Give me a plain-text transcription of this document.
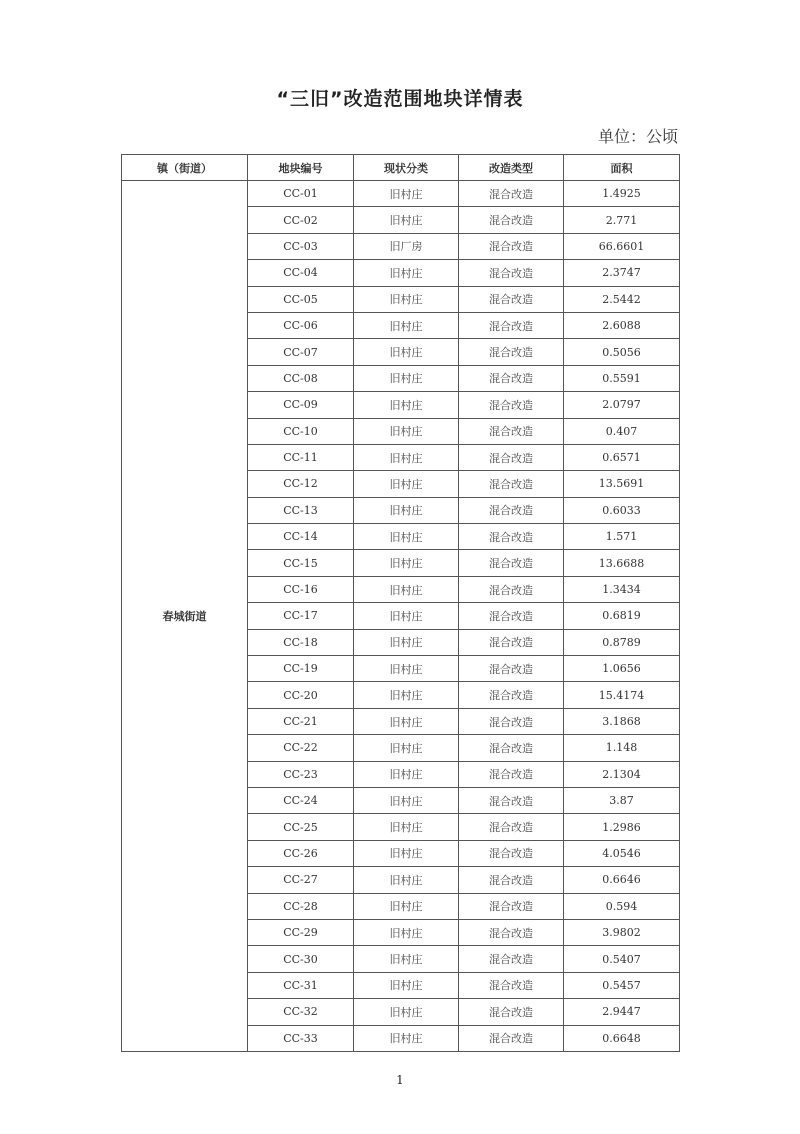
“三旧”改造范围地块详情表
单位：公顷
镇（街道）	地块编号	现状分类	改造类型	面积
春城街道	CC-01	旧村庄	混合改造	1.4925
	CC-02	旧村庄	混合改造	2.771
	CC-03	旧厂房	混合改造	66.6601
	CC-04	旧村庄	混合改造	2.3747
	CC-05	旧村庄	混合改造	2.5442
	CC-06	旧村庄	混合改造	2.6088
	CC-07	旧村庄	混合改造	0.5056
	CC-08	旧村庄	混合改造	0.5591
	CC-09	旧村庄	混合改造	2.0797
	CC-10	旧村庄	混合改造	0.407
	CC-11	旧村庄	混合改造	0.6571
	CC-12	旧村庄	混合改造	13.5691
	CC-13	旧村庄	混合改造	0.6033
	CC-14	旧村庄	混合改造	1.571
	CC-15	旧村庄	混合改造	13.6688
	CC-16	旧村庄	混合改造	1.3434
	CC-17	旧村庄	混合改造	0.6819
	CC-18	旧村庄	混合改造	0.8789
	CC-19	旧村庄	混合改造	1.0656
	CC-20	旧村庄	混合改造	15.4174
	CC-21	旧村庄	混合改造	3.1868
	CC-22	旧村庄	混合改造	1.148
	CC-23	旧村庄	混合改造	2.1304
	CC-24	旧村庄	混合改造	3.87
	CC-25	旧村庄	混合改造	1.2986
	CC-26	旧村庄	混合改造	4.0546
	CC-27	旧村庄	混合改造	0.6646
	CC-28	旧村庄	混合改造	0.594
	CC-29	旧村庄	混合改造	3.9802
	CC-30	旧村庄	混合改造	0.5407
	CC-31	旧村庄	混合改造	0.5457
	CC-32	旧村庄	混合改造	2.9447
	CC-33	旧村庄	混合改造	0.6648
1
